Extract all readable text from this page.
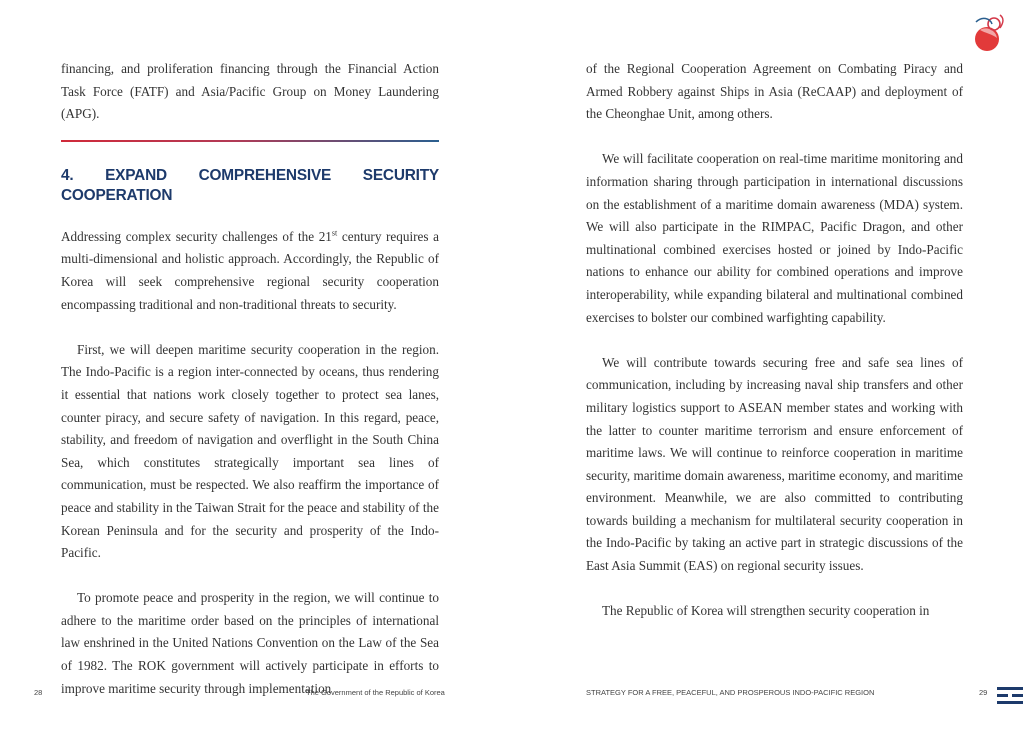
financing, and proliferation financing through the Financial Action Task Force (FATF) and Asia/Pacific Group on Money Laundering (APG).

4. EXPAND COMPREHENSIVE SECURITY COOPERATION

Addressing complex security challenges of the 21st century requires a multi-dimensional and holistic approach. Accordingly, the Republic of Korea will seek comprehensive regional security cooperation encompassing traditional and non-traditional threats to security.

First, we will deepen maritime security cooperation in the region. The Indo-Pacific is a region inter-connected by oceans, thus rendering it essential that nations work closely together to protect sea lanes, counter piracy, and secure safety of navigation. In this regard, peace, stability, and freedom of navigation and overflight in the South China Sea, which constitutes strategically important sea lines of communication, must be respected. We also reaffirm the importance of peace and stability in the Taiwan Strait for the peace and stability of the Korean Peninsula and for the security and prosperity of the Indo-Pacific.

To promote peace and prosperity in the region, we will continue to adhere to the maritime order based on the principles of international law enshrined in the United Nations Convention on the Law of the Sea of 1982. The ROK government will actively participate in efforts to improve maritime security through implementation

of the Regional Cooperation Agreement on Combating Piracy and Armed Robbery against Ships in Asia (ReCAAP) and deployment of the Cheonghae Unit, among others.

We will facilitate cooperation on real-time maritime monitoring and information sharing through participation in international discussions on the establishment of a maritime domain awareness (MDA) system. We will also participate in the RIMPAC, Pacific Dragon, and other multinational combined exercises hosted or joined by Indo-Pacific nations to enhance our ability for combined operations and improve interoperability, while expanding bilateral and multinational combined exercises to bolster our combined warfighting capability.

We will contribute towards securing free and safe sea lines of communication, including by increasing naval ship transfers and other military logistics support to ASEAN member states and working with the latter to counter maritime terrorism and ensure enforcement of maritime laws. We will continue to reinforce cooperation in maritime security, maritime domain awareness, maritime economy, and maritime environment. Meanwhile, we are also committed to contributing towards building a mechanism for multilateral security cooperation in the Indo-Pacific by taking an active part in strategic discussions of the East Asia Summit (EAS) on regional security issues.

The Republic of Korea will strengthen security cooperation in

28	The Government of the Republic of Korea	STRATEGY FOR A FREE, PEACEFUL, AND PROSPEROUS INDO-PACIFIC REGION	29
